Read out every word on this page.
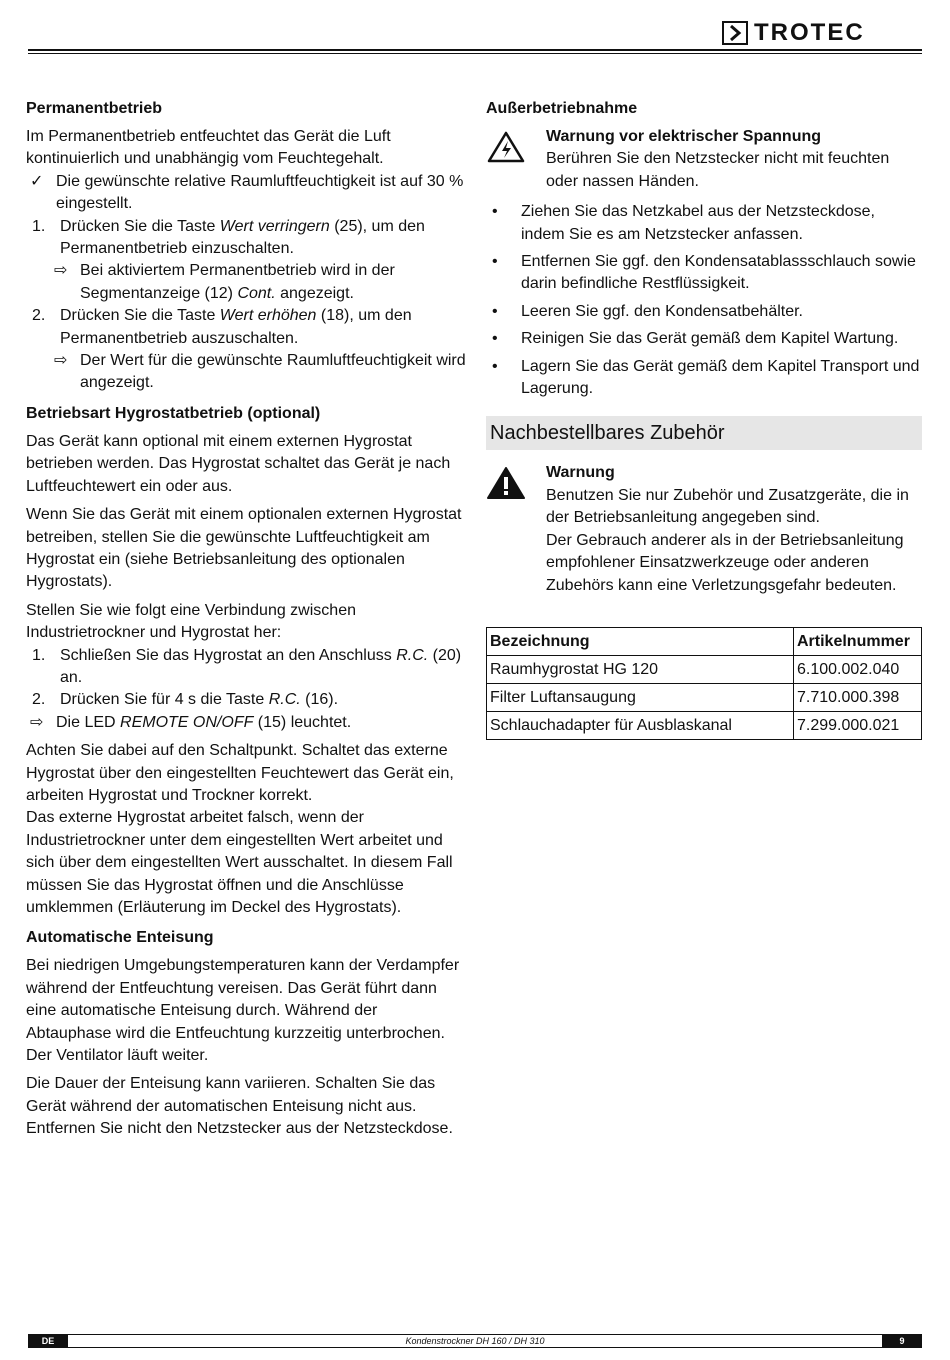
TROTEC
Permanentbetrieb

Im Permanentbetrieb entfeuchtet das Gerät die Luft kontinuierlich und unabhängig vom Feuchtegehalt.

✓ Die gewünschte relative Raumluftfeuchtigkeit ist auf 30 % eingestellt.
1. Drücken Sie die Taste Wert verringern (25), um den Permanentbetrieb einzuschalten.
⇨ Bei aktiviertem Permanentbetrieb wird in der Segmentanzeige (12) Cont. angezeigt.
2. Drücken Sie die Taste Wert erhöhen (18), um den Permanentbetrieb auszuschalten.
⇨ Der Wert für die gewünschte Raumluftfeuchtigkeit wird angezeigt.
Betriebsart Hygrostatbetrieb (optional)

Das Gerät kann optional mit einem externen Hygrostat betrieben werden. Das Hygrostat schaltet das Gerät je nach Luftfeuchtewert ein oder aus.

Wenn Sie das Gerät mit einem optionalen externen Hygrostat betreiben, stellen Sie die gewünschte Luftfeuchtigkeit am Hygrostat ein (siehe Betriebsanleitung des optionalen Hygrostats).

Stellen Sie wie folgt eine Verbindung zwischen Industrietrockner und Hygrostat her:

1. Schließen Sie das Hygrostat an den Anschluss R.C. (20) an.
2. Drücken Sie für 4 s die Taste R.C. (16).
⇨ Die LED REMOTE ON/OFF (15) leuchtet.

Achten Sie dabei auf den Schaltpunkt. Schaltet das externe Hygrostat über den eingestellten Feuchtewert das Gerät ein, arbeiten Hygrostat und Trockner korrekt.

Das externe Hygrostat arbeitet falsch, wenn der Industrietrockner unter dem eingestellten Wert arbeitet und sich über dem eingestellten Wert ausschaltet. In diesem Fall müssen Sie das Hygrostat öffnen und die Anschlüsse umklemmen (Erläuterung im Deckel des Hygrostats).

Automatische Enteisung

Bei niedrigen Umgebungstemperaturen kann der Verdampfer während der Entfeuchtung vereisen. Das Gerät führt dann eine automatische Enteisung durch. Während der Abtauphase wird die Entfeuchtung kurzzeitig unterbrochen. Der Ventilator läuft weiter.

Die Dauer der Enteisung kann variieren. Schalten Sie das Gerät während der automatischen Enteisung nicht aus. Entfernen Sie nicht den Netzstecker aus der Netzsteckdose.

Außerbetriebnahme
Warnung vor elektrischer Spannung
Berühren Sie den Netzstecker nicht mit feuchten oder nassen Händen.
•	Ziehen Sie das Netzkabel aus der Netzsteckdose, indem Sie es am Netzstecker anfassen.
•	Entfernen Sie ggf. den Kondensatablassschlauch sowie darin befindliche Restflüssigkeit.
•	Leeren Sie ggf. den Kondensatbehälter.
•	Reinigen Sie das Gerät gemäß dem Kapitel Wartung.
•	Lagern Sie das Gerät gemäß dem Kapitel Transport und Lagerung.
Nachbestellbares Zubehör
Warnung
Benutzen Sie nur Zubehör und Zusatzgeräte, die in der Betriebsanleitung angegeben sind.
Der Gebrauch anderer als in der Betriebsanleitung empfohlener Einsatzwerkzeuge oder anderen Zubehörs kann eine Verletzungsgefahr bedeuten.
Bezeichnung	Artikelnummer
Raumhygrostat HG 120	6.100.002.040
Filter Luftansaugung	7.710.000.398
Schlauchadapter für Ausblaskanal	7.299.000.021
DE	Kondenstrockner DH 160 / DH 310	9
